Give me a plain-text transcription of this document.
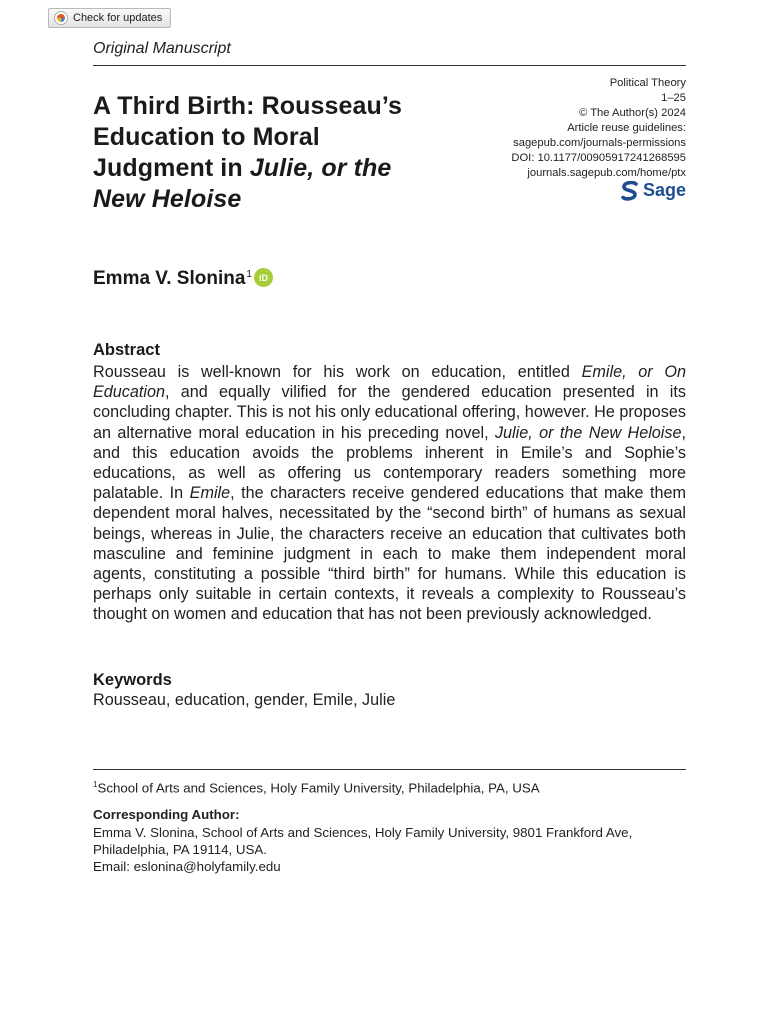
Check for updates
Original Manuscript
A Third Birth: Rousseau’s
Education to Moral
Judgment in Julie, or the
New Heloise
Political Theory
1–25
© The Author(s) 2024
Article reuse guidelines:
sagepub.com/journals-permissions
DOI: 10.1177/00905917241268595
journals.sagepub.com/home/ptx
Sage
Emma V. Slonina 1 iD
Abstract
Rousseau is well-known for his work on education, entitled Emile, or On Education, and equally vilified for the gendered education presented in its concluding chapter. This is not his only educational offering, however. He proposes an alternative moral education in his preceding novel, Julie, or the New Heloise, and this education avoids the problems inherent in Emile’s and Sophie’s educations, as well as offering us contemporary readers something more palatable. In Emile, the characters receive gendered educations that make them dependent moral halves, necessitated by the “second birth” of humans as sexual beings, whereas in Julie, the characters receive an education that cultivates both masculine and feminine judgment in each to make them independent moral agents, constituting a possible “third birth” for humans. While this education is perhaps only suitable in certain contexts, it reveals a complexity to Rousseau’s thought on women and education that has not been previously acknowledged.
Keywords
Rousseau, education, gender, Emile, Julie
$^1$School of Arts and Sciences, Holy Family University, Philadelphia, PA, USA
Corresponding Author:
Emma V. Slonina, School of Arts and Sciences, Holy Family University, 9801 Frankford Ave,
Philadelphia, PA 19114, USA.
Email: eslonina@holyfamily.edu
